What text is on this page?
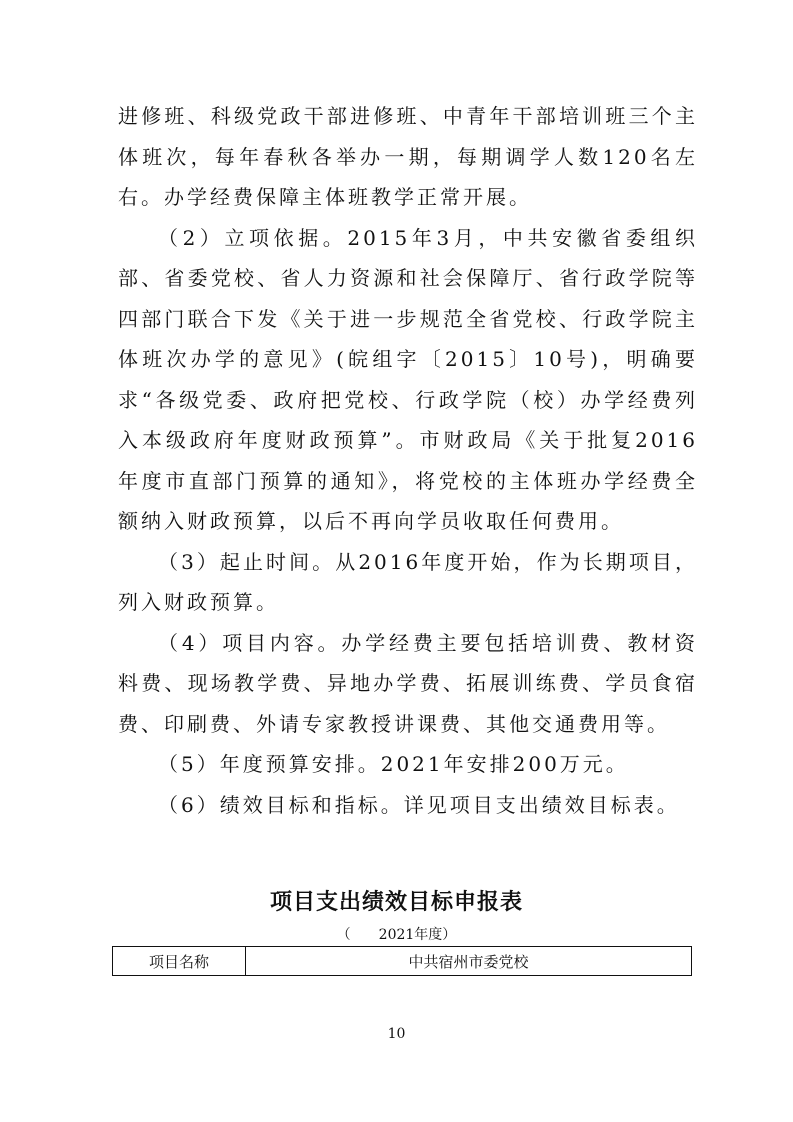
进修班、科级党政干部进修班、中青年干部培训班三个主体班次，每年春秋各举办一期，每期调学人数120名左右。办学经费保障主体班教学正常开展。

（2）立项依据。2015年3月，中共安徽省委组织部、省委党校、省人力资源和社会保障厅、省行政学院等四部门联合下发《关于进一步规范全省党校、行政学院主体班次办学的意见》(皖组字〔2015〕10号)，明确要求“各级党委、政府把党校、行政学院（校）办学经费列入本级政府年度财政预算”。市财政局《关于批复2016年度市直部门预算的通知》，将党校的主体班办学经费全额纳入财政预算，以后不再向学员收取任何费用。

（3）起止时间。从2016年度开始，作为长期项目，列入财政预算。

（4）项目内容。办学经费主要包括培训费、教材资料费、现场教学费、异地办学费、拓展训练费、学员食宿费、印刷费、外请专家教授讲课费、其他交通费用等。

（5）年度预算安排。2021年安排200万元。

（6）绩效目标和指标。详见项目支出绩效目标表。

项目支出绩效目标申报表
（　　2021年度）
项目名称	中共宿州市委党校
10
